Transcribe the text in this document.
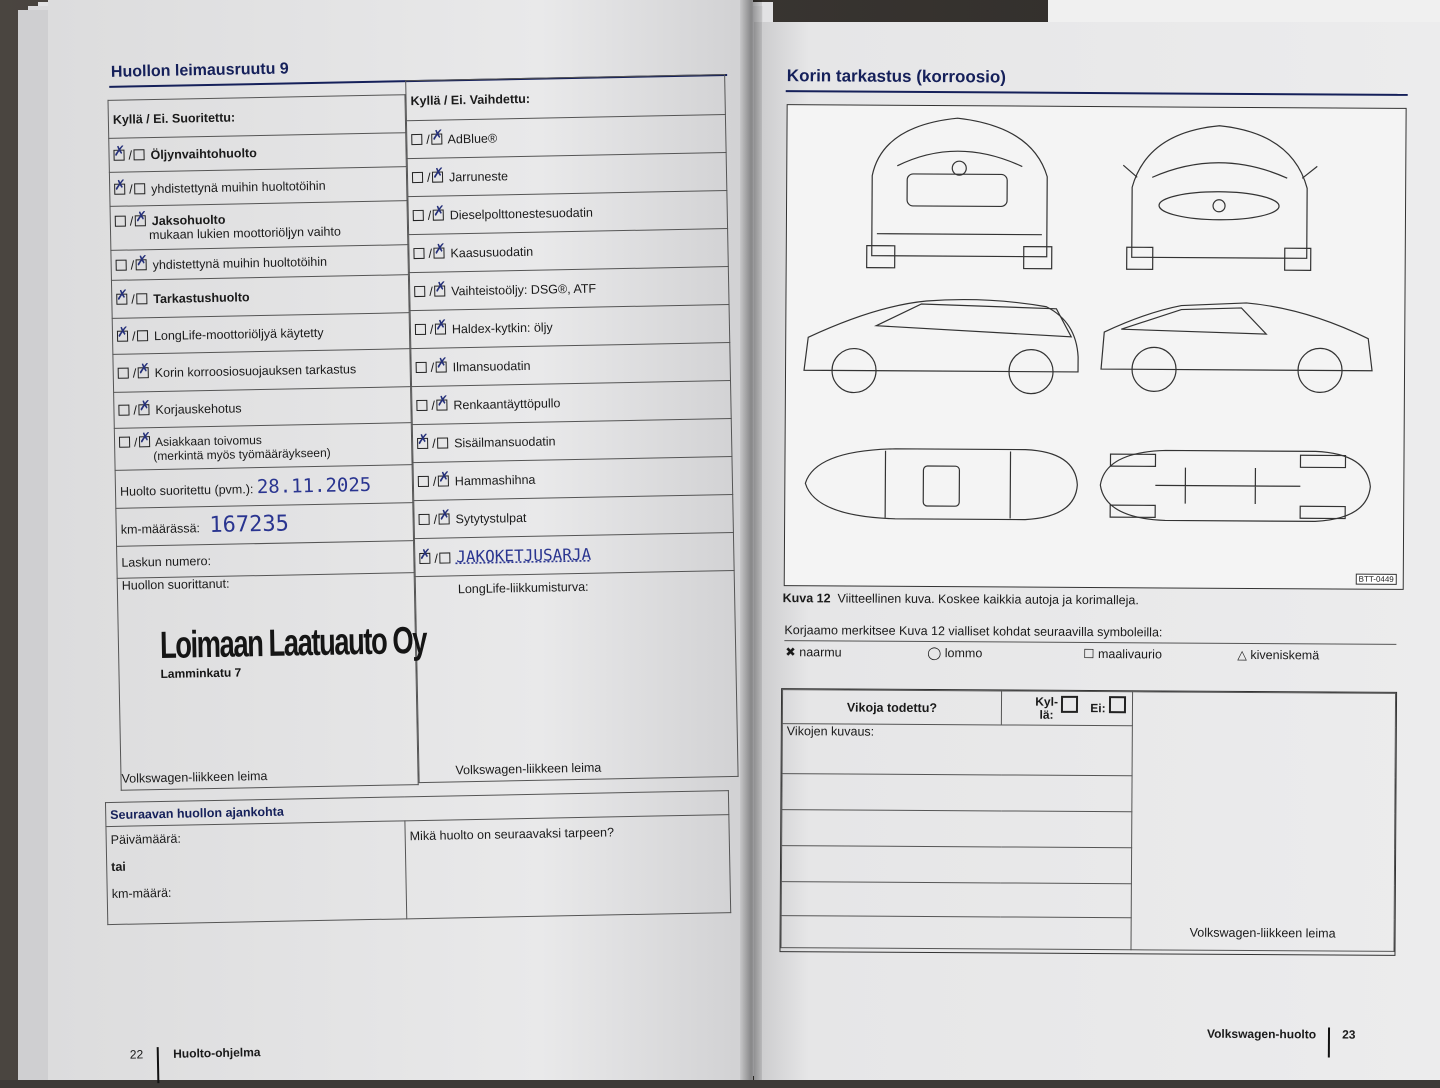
Huollon leimausruutu 9
Kyllä / Ei. Suoritettu:
✗/ Öljynvaihtohuolto
✗/ yhdistettynä muihin huoltotöihin
/ ✗ Jaksohuolto
mukaan lukien moottoriöljyn vaihto
/ ✗ yhdistettynä muihin huoltotöihin
✗/ Tarkastushuolto
✗/ LongLife-moottoriöljyä käytetty
/ ✗ Korin korroosiosuojauksen tarkastus
/ ✗ Korjauskehotus
/ ✗ Asiakkaan toivomus
(merkintä myös työmääräykseen)
Huolto suoritettu (pvm.): 28.11.2025
km-määrässä: 167235
Laskun numero:
Huollon suorittanut:
Volkswagen-liikkeen leima
Kyllä / Ei. Vaihdettu:
/ ✗ AdBlue®
/ ✗ Jarruneste
/ ✗ Dieselpolttonestesuodatin
/ ✗ Kaasusuodatin
/ ✗ Vaihteistoöljy: DSG®, ATF
/ ✗ Haldex-kytkin: öljy
/ ✗ Ilmansuodatin
/ ✗ Renkaantäyttöpullo
✗/ Sisäilmansuodatin
/ ✗ Hammashihna
/ ✗ Sytytystulpat
✗/ JAKOKETJUSARJA

LongLife-liikkumisturva:
Volkswagen-liikkeen leima
Loimaan Laatuauto Oy
Lamminkatu 7
Seuraavan huollon ajankohta

Päivämäärä:
tai
km-määrä:
	Mikä huolto on seuraavaksi tarpeen?
22 Huolto-ohjelma
Korin tarkastus (korroosio)
BTT-0449
Kuva 12 Viitteellinen kuva. Koskee kaikkia autoja ja korimalleja.
Korjaamo merkitsee Kuva 12 vialliset kohdat seuraavilla symboleilla:
✖ naarmu	◯ lommo	☐ maalivaurio	△ kiveniskemä
Vikoja todettu?	Kyl-
lä:	Ei:	Volkswagen-liikkeen leima
Vikojen kuvaus:

Volkswagen-huolto 23
